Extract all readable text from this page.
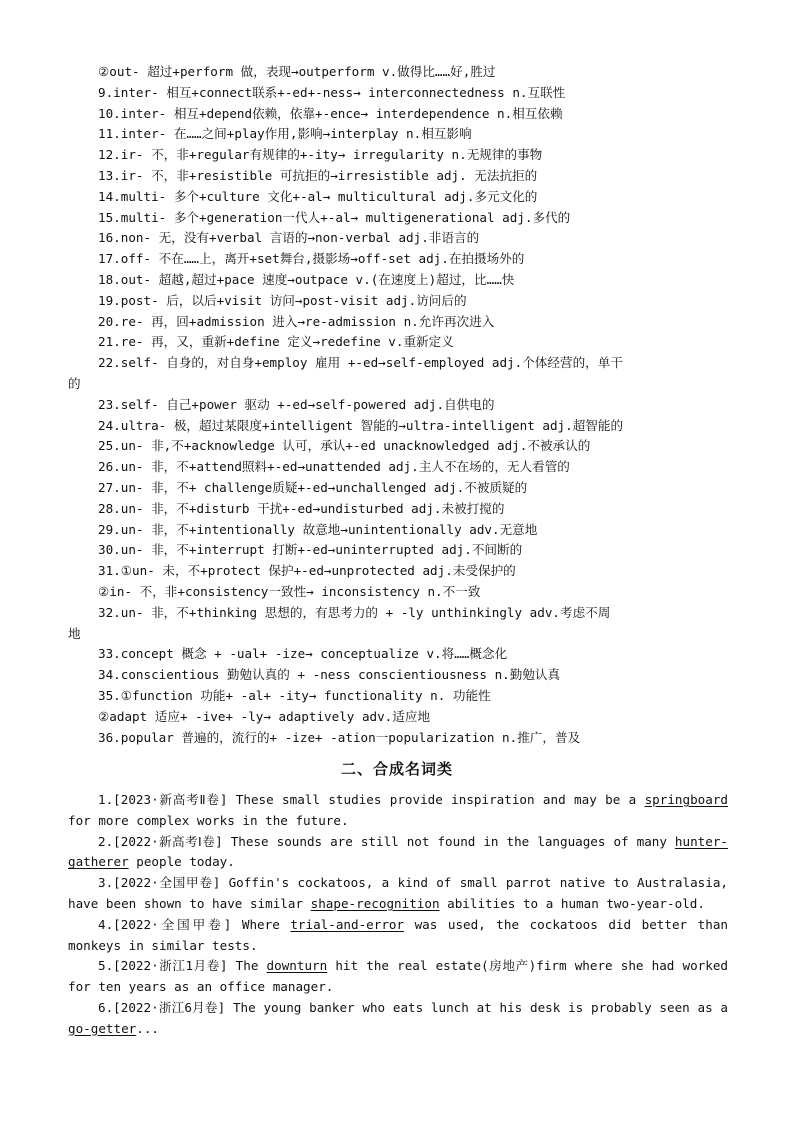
②out- 超过+perform 做，表现→outperform v.做得比……好,胜过

9.inter- 相互+connect联系+-ed+-ness→ interconnectedness n.互联性

10.inter- 相互+depend依赖，依靠+-ence→ interdependence n.相互依赖

11.inter- 在……之间+play作用,影响→interplay n.相互影响

12.ir- 不，非+regular有规律的+-ity→ irregularity n.无规律的事物

13.ir- 不，非+resistible 可抗拒的→irresistible adj. 无法抗拒的

14.multi- 多个+culture 文化+-al→ multicultural adj.多元文化的

15.multi- 多个+generation一代人+-al→ multigenerational adj.多代的

16.non- 无，没有+verbal 言语的→non-verbal adj.非语言的

17.off- 不在……上，离开+set舞台,摄影场→off-set adj.在拍摄场外的

18.out- 超越,超过+pace 速度→outpace v.(在速度上)超过，比……快

19.post- 后，以后+visit 访问→post-visit adj.访问后的

20.re- 再，回+admission 进入→re-admission n.允许再次进入

21.re- 再，又，重新+define 定义→redefine v.重新定义

22.self- 自身的，对自身+employ 雇用 +-ed→self-employed adj.个体经营的，单干

的

23.self- 自己+power 驱动 +-ed→self-powered adj.自供电的

24.ultra- 极，超过某限度+intelligent 智能的→ultra-intelligent adj.超智能的

25.un- 非,不+acknowledge 认可，承认+-ed unacknowledged adj.不被承认的

26.un- 非，不+attend照料+-ed→unattended adj.主人不在场的，无人看管的

27.un- 非，不+ challenge质疑+-ed→unchallenged adj.不被质疑的

28.un- 非，不+disturb 干扰+-ed→undisturbed adj.未被打搅的

29.un- 非，不+intentionally 故意地→unintentionally adv.无意地

30.un- 非，不+interrupt 打断+-ed→uninterrupted adj.不间断的

31.①un- 未，不+protect 保护+-ed→unprotected adj.未受保护的

②in- 不，非+consistency一致性→ inconsistency n.不一致

32.un- 非，不+thinking 思想的，有思考力的 + -ly unthinkingly adv.考虑不周

地

33.concept 概念 + -ual+ -ize→ conceptualize v.将……概念化

34.conscientious 勤勉认真的 + -ness conscientiousness n.勤勉认真

35.①function 功能+ -al+ -ity→ functionality n. 功能性

②adapt 适应+ -ive+ -ly→ adaptively adv.适应地

36.popular 普遍的，流行的+ -ize+ -ation一popularization n.推广，普及

二、合成名词类

1.[2023·新高考Ⅱ卷] These small studies provide inspiration and may be a springboard for more complex works in the future.

2.[2022·新高考Ⅰ卷] These sounds are still not found in the languages of many hunter-gatherer people today.

3.[2022·全国甲卷] Goffin's cockatoos, a kind of small parrot native to Australasia, have been shown to have similar shape-recognition abilities to a human two-year-old.

4.[2022·全国甲卷] Where trial-and-error was used, the cockatoos did better than monkeys in similar tests.

5.[2022·浙江1月卷] The downturn hit the real estate(房地产)firm where she had worked for ten years as an office manager.

6.[2022·浙江6月卷] The young banker who eats lunch at his desk is probably seen as a go-getter...
